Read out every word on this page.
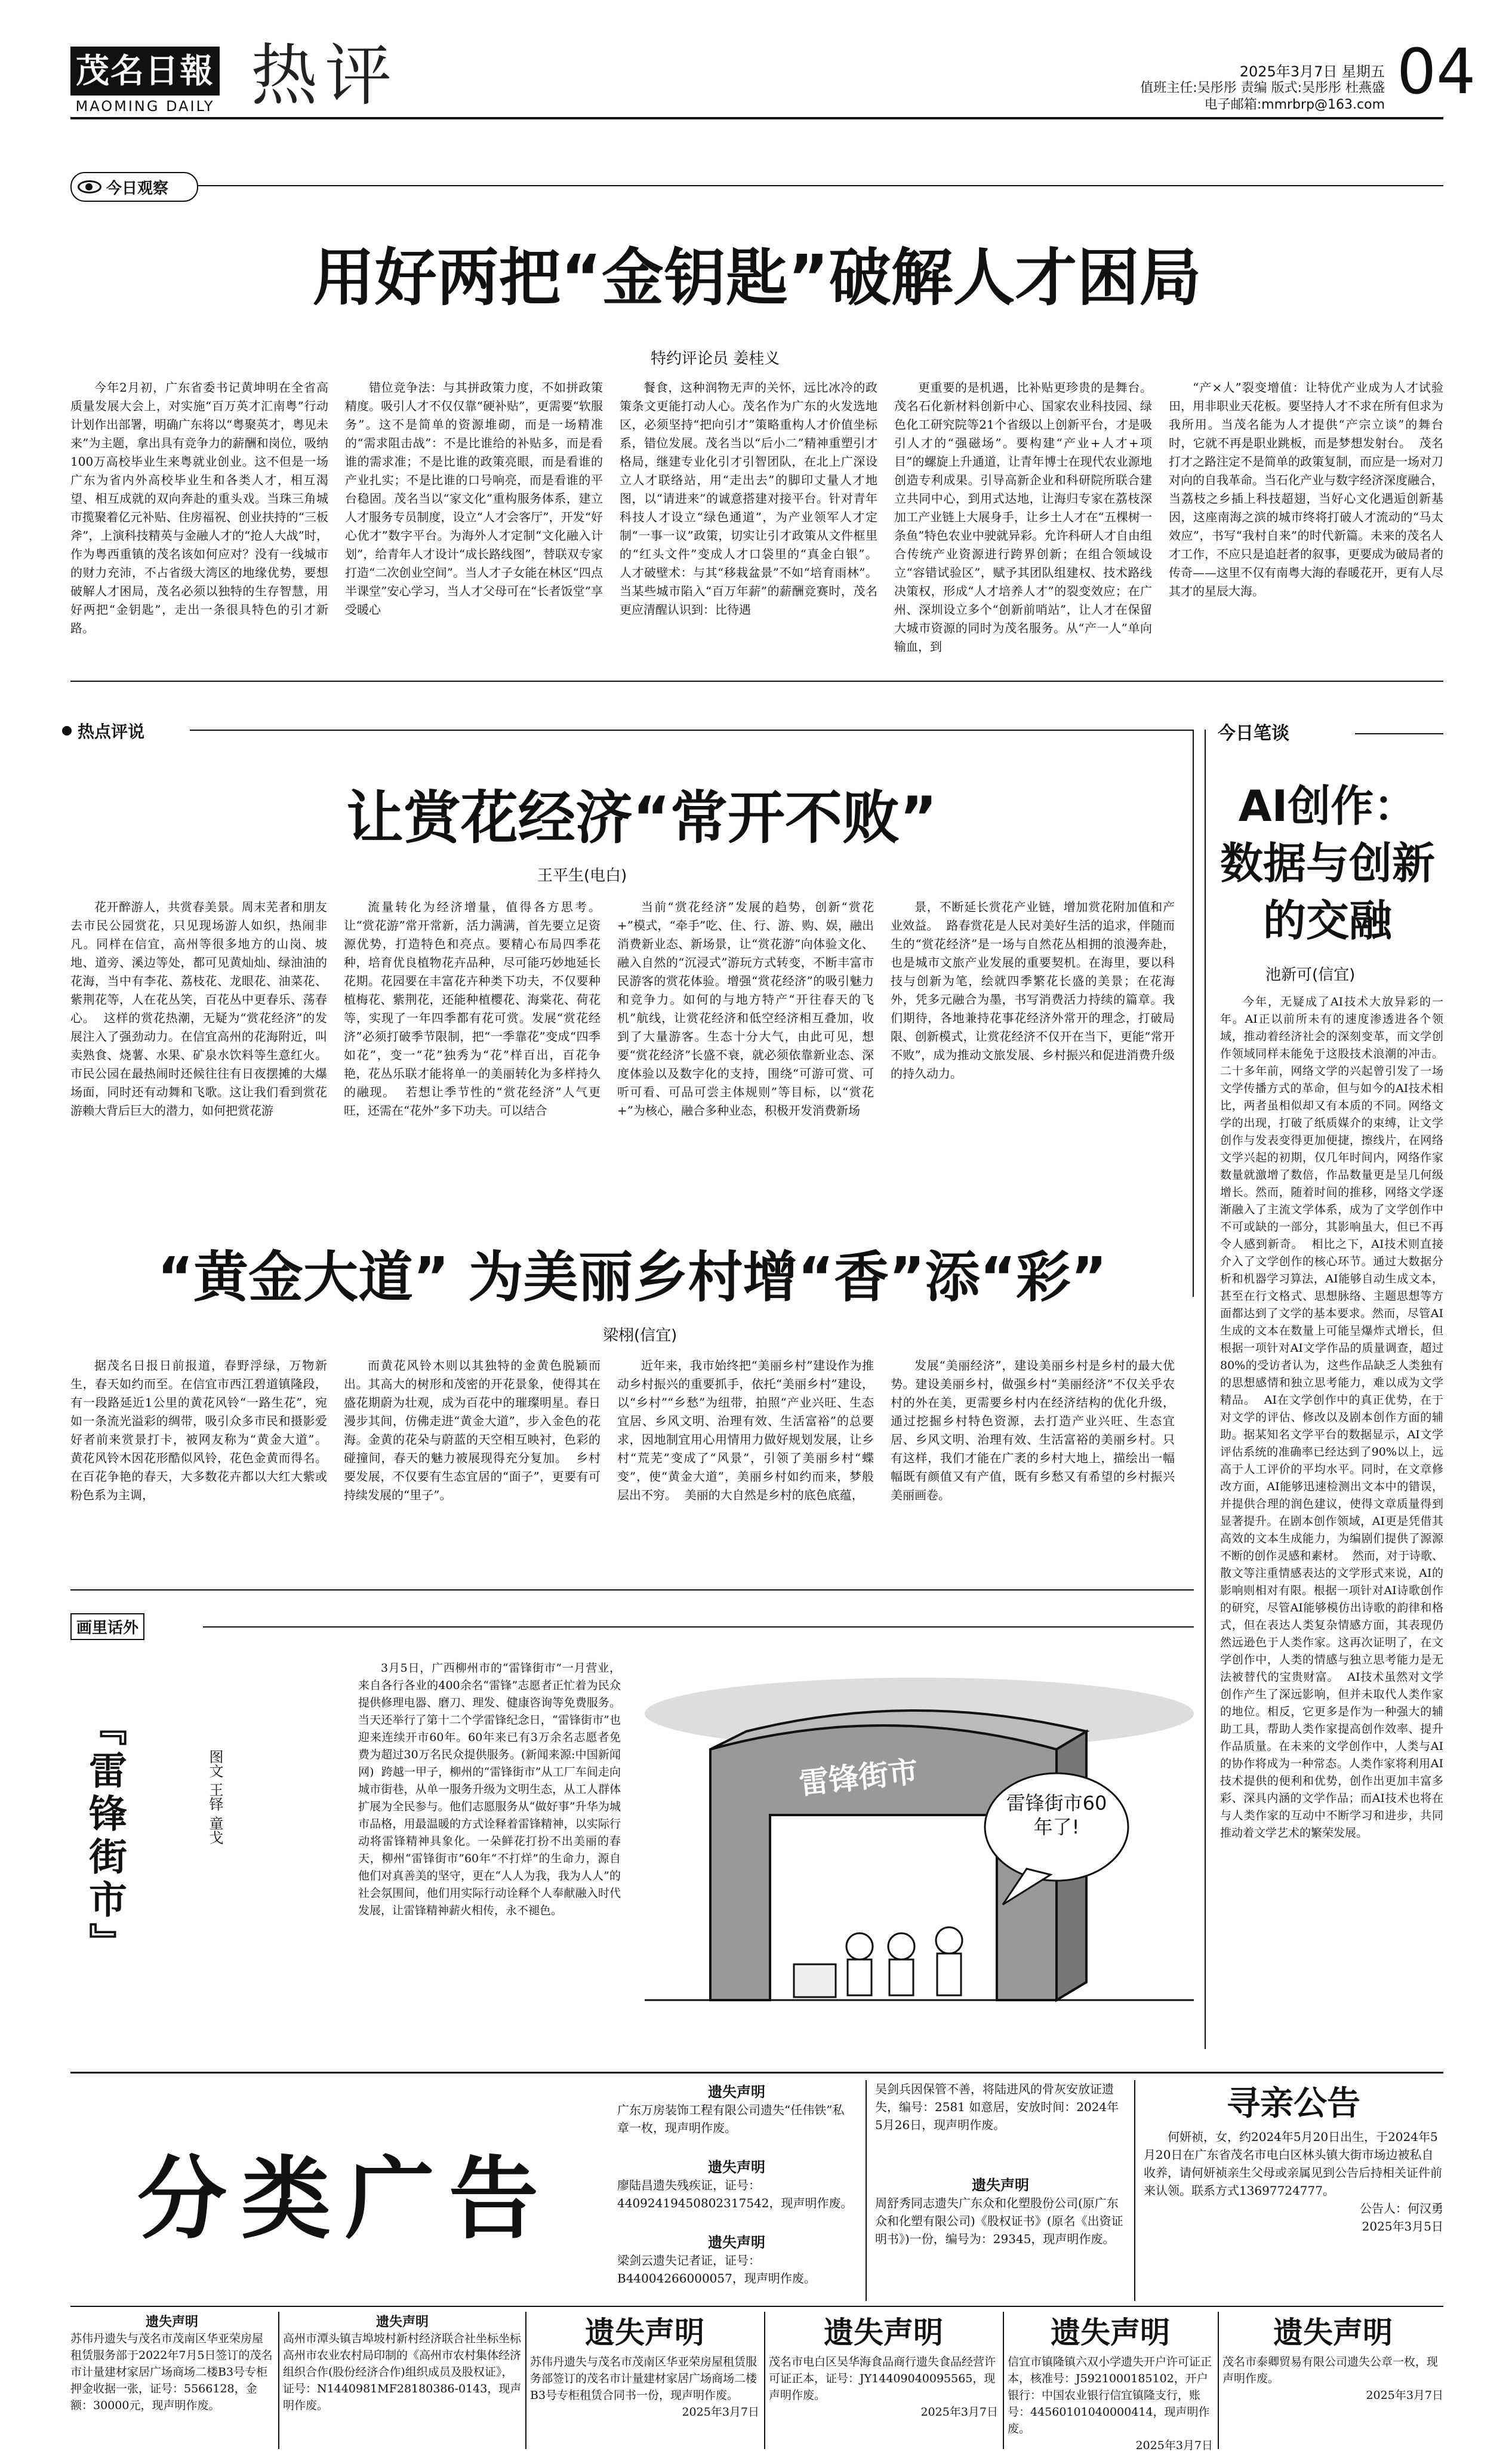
茂名日報
MAOMING DAILY 热评	2025年3月7日 星期五
值班主任:吴彤彤 责编 版式:吴彤彤 杜燕盛
电子邮箱:mmrbrp@163.com 04
今日观察
用好两把“金钥匙”破解人才困局
特约评论员 姜桂义
今年2月初，广东省委书记黄坤明在全省高质量发展大会上，对实施“百万英才汇南粤”行动计划作出部署，明确广东将以“粤聚英才，粤见未来”为主题，拿出具有竞争力的薪酬和岗位，吸纳100万高校毕业生来粤就业创业。这不但是一场广东为省内外高校毕业生和各类人才，相互渴望、相互成就的双向奔赴的重头戏。当珠三角城市揽聚着亿元补贴、住房福祝、创业扶持的“三板斧”，上演科技精英与金融人才的“抢人大战”时，作为粤西重镇的茂名该如何应对？没有一线城市的财力充沛，不占省级大湾区的地缘优势，要想破解人才困局，茂名必须以独特的生存智慧，用好两把“金钥匙”，走出一条很具特色的引才新路。
错位竞争法：与其拼政策力度，不如拼政策精度。吸引人才不仅仅靠“硬补贴”，更需要“软服务”。这不是简单的资源堆砌，而是一场精准的“需求阻击战”：不是比谁给的补贴多，而是看谁的需求准；不是比谁的政策亮眼，而是看谁的产业扎实；不是比谁的口号响亮，而是看谁的平台稳固。茂名当以“家文化”重构服务体系，建立人才服务专员制度，设立“人才会客厅”，开发“好心优才”数字平台。为海外人才定制“文化融入计划”，给青年人才设计“成长路线图”，替联双专家打造“二次创业空间”。当人才子女能在林区“四点半课堂”安心学习，当人才父母可在“长者饭堂”享受暖心
餐食，这种润物无声的关怀，远比冰冷的政策条文更能打动人心。茂名作为广东的火发选地区，必须坚持“把向引才”策略重构人才价值坐标系，错位发展。茂名当以“后小二”精神重塑引才格局，继建专业化引才引智团队，在北上广深设立人才联络站，用“走出去”的脚印丈量人才地图，以“请进来”的诚意搭建对接平台。针对青年科技人才设立“绿色通道”，为产业领军人才定制“一事一议”政策，切实让引才政策从文件框里的“红头文件”变成人才口袋里的“真金白银”。  人才破壁术：与其“移栽盆景”不如“培育雨林”。当某些城市陷入“百万年薪”的薪酬竞赛时，茂名更应清醒认识到：比待遇
更重要的是机遇，比补贴更珍贵的是舞台。茂名石化新材料创新中心、国家农业科技园、绿色化工研究院等21个省级以上创新平台，才是吸引人才的“强磁场”。要构建“产业+人才+项目”的螺旋上升通道，让青年博士在现代农业源地创造专利成果。引导高新企业和科研院所联合建立共同中心，到用式达地，让海归专家在荔枝深加工产业链上大展身手，让乡土人才在“五棵树一条鱼”特色农业中驶就异彩。允许科研人才自由组合传统产业资源进行跨界创新；在组合领域设立“容错试验区”，赋予其团队组建权、技术路线决策权，形成“人才培养人才”的裂变效应；在广州、深圳设立多个“创新前哨站”，让人才在保留大城市资源的同时为茂名服务。从“产一人”单向输血，到
“产×人”裂变增值：让特优产业成为人才试验田，用非职业天花板。要坚持人才不求在所有但求为我所用。当茂名能为人才提供“产宗立谈”的舞台时，它就不再是职业跳板，而是梦想发射台。  茂名打才之路注定不是简单的政策复制，而应是一场对刀对向的自我革命。当石化产业与数字经济深度融合，当荔枝之乡插上科技超翅，当好心文化遇逅创新基因，这座南海之滨的城市终将打破人才流动的“马太效应”，书写“我村自来”的时代新篇。未来的茂名人才工作，不应只是追赶者的叙事，更要成为破局者的传奇——这里不仅有南粤大海的春暖花开，更有人尽其才的星辰大海。
热点评说
让赏花经济“常开不败”
王平生(电白)
花开醉游人，共赏春美景。周末芜者和朋友去市民公园赏花，只见现场游人如织，热闹非凡。同样在信宜，高州等很多地方的山岗、坡地、道旁、溪边等处，都可见黄灿灿、绿油油的花海，当中有李花、荔枝花、龙眼花、油菜花、紫荆花等，人在花丛笑，百花丛中更春乐、荡春心。  这样的赏花热潮，无疑为“赏花经济”的发展注入了强劲动力。在信宜高州的花海附近，叫卖熟食、烧薯、水果、矿泉水饮料等生意红火。市民公园在最热闹时还候往往有日夜摆摊的大爆场面，同时还有动舞和飞歌。这让我们看到赏花游赖大背后巨大的潜力，如何把赏花游
流量转化为经济增量，值得各方思考。  让“赏花游”常开常新，活力满满，首先要立足资源优势，打造特色和亮点。要精心布局四季花种，培育优良植物花卉品种，尽可能巧妙地延长花期。花园要在丰富花卉种类下功夫，不仅要种植梅花、紫荆花，还能种植樱花、海棠花、荷花等，实现了一年四季都有花可赏。发展“赏花经济”必须打破季节限制，把“一季靠花”变成“四季如花”，变一“花”独秀为“花”样百出，百花争艳，花丛乐联才能将单一的美丽转化为多样持久的融现。  若想让季节性的“赏花经济”人气更旺，还需在“花外”多下功夫。可以结合
当前“赏花经济”发展的趋势，创新“赏花+”模式，“牵手”吃、住、行、游、购、娱，融出消费新业态、新场景，让“赏花游”向体验文化、融入自然的“沉浸式”游玩方式转变，不断丰富市民游客的赏花体验。增强“赏花经济”的吸引魅力和竞争力。如何的与地方特产“开往春天的飞机”航线，让赏花经济和低空经济相互叠加，收到了大量游客。生态十分大气，由此可见，想要“赏花经济”长盛不衰，就必须依靠新业态、深度体验以及数字化的支持，围绕“可游可赏、可听可看、可品可尝主体规则”等目标，以“赏花+”为核心，融合多种业态，积极开发消费新场
景，不断延长赏花产业链，增加赏花附加值和产业效益。  路春赏花是人民对美好生活的追求，伴随而生的“赏花经济”是一场与自然花丛相拥的浪漫奔赴，也是城市文旅产业发展的重要契机。在海里，要以科技与创新为笔，绘就四季繁花长盛的美景；在花海外，凭多元融合为墨，书写消费活力持续的篇章。我们期待，各地兼持花事花经济外常开的理念，打破局限、创新模式，让赏花经济不仅开在当下，更能“常开不败”，成为推动文旅发展、乡村振兴和促进消费升级的持久动力。
“黄金大道” 为美丽乡村增“香”添“彩”
梁栩(信宜)
据茂名日报日前报道，春野浮绿，万物新生，春天如约而至。在信宜市西江碧道镇隆段，有一段路延近1公里的黄花风铃“一路生花”，宛如一条流光溢彩的绸带，吸引众多市民和摄影爱好者前来赏景打卡，被网友称为“黄金大道”。  黄花风铃木因花形酷似风铃，花色金黄而得名。在百花争艳的春天，大多数花卉都以大红大紫或粉色系为主调，
而黄花风铃木则以其独特的金黄色脱颖而出。其高大的树形和茂密的开花景象，使得其在盛花期蔚为壮观，成为百花中的璀璨明星。春日漫步其间，仿佛走进“黄金大道”，步入金色的花海。金黄的花朵与蔚蓝的天空相互映衬，色彩的碰撞间，春天的魅力被展现得充分复加。  乡村要发展，不仅要有生态宜居的“面子”，更要有可持续发展的“里子”。
近年来，我市始终把“美丽乡村”建设作为推动乡村振兴的重要抓手，依托“美丽乡村”建设，以“乡村”“乡愁”为纽带，拍照“产业兴旺、生态宜居、乡风文明、治理有效、生活富裕”的总要求，因地制宜用心用情用力做好规划发展，让乡村“荒芜”变成了“风景”，引领了美丽乡村“蝶变”，使“黄金大道”，美丽乡村如约而来，梦般层出不穷。  美丽的大自然是乡村的底色底蕴，
发展“美丽经济”，建设美丽乡村是乡村的最大优势。建设美丽乡村，做强乡村“美丽经济”不仅关乎农村的外在美，更需要乡村内在经济结构的优化升级，通过挖掘乡村特色资源，去打造产业兴旺、生态宜居、乡风文明、治理有效、生活富裕的美丽乡村。只有这样，我们才能在广袤的乡村大地上，描绘出一幅幅既有颜值又有产值，既有乡愁又有希望的乡村振兴美丽画卷。
今日笔谈
AI创作：
数据与创新
的交融
池新可(信宜)
今年，无疑成了AI技术大放异彩的一年。AI正以前所未有的速度渗透进各个领域，推动着经济社会的深刻变革，而文学创作领域同样未能免于这股技术浪潮的冲击。  二十多年前，网络文学的兴起曾引发了一场文学传播方式的革命，但与如今的AI技术相比，两者虽相似却又有本质的不同。网络文学的出现，打破了纸质媒介的束缚，让文学创作与发表变得更加便捷，擦线片，在网络文学兴起的初期，仅几年时间内，网络作家数量就激增了数倍，作品数量更是呈几何级增长。然而，随着时间的推移，网络文学逐渐融入了主流文学体系，成为了文学创作中不可或缺的一部分，其影响虽大，但已不再令人感到新奇。  相比之下，AI技术则直接介入了文学创作的核心环节。通过大数据分析和机器学习算法，AI能够自动生成文本，甚至在行文格式、思想脉络、主题思想等方面都达到了文学的基本要求。然而，尽管AI生成的文本在数量上可能呈爆炸式增长，但根据一项针对AI文学作品的质量调查，超过80%的受访者认为，这些作品缺乏人类独有的思想感情和独立思考能力，难以成为文学精品。  AI在文学创作中的真正优势，在于对文学的评估、修改以及剧本创作方面的辅助。据某知名文学平台的数据显示，AI文学评估系统的准确率已经达到了90%以上，远高于人工评价的平均水平。同时，在文章修改方面，AI能够迅速检测出文本中的错误，并提供合理的润色建议，使得文章质量得到显著提升。在剧本创作领域，AI更是凭借其高效的文本生成能力，为编剧们提供了源源不断的创作灵感和素材。  然而，对于诗歌、散文等注重情感表达的文学形式来说，AI的影响则相对有限。根据一项针对AI诗歌创作的研究，尽管AI能够模仿出诗歌的韵律和格式，但在表达人类复杂情感方面，其表现仍然远逊色于人类作家。这再次证明了，在文学创作中，人类的情感与独立思考能力是无法被替代的宝贵财富。  AI技术虽然对文学创作产生了深远影响，但并未取代人类作家的地位。相反，它更多是作为一种强大的辅助工具，帮助人类作家提高创作效率、提升作品质量。在未来的文学创作中，人类与AI的协作将成为一种常态。人类作家将利用AI技术提供的便利和优势，创作出更加丰富多彩、深具内涵的文学作品；而AI技术也将在与人类作家的互动中不断学习和进步，共同推动着文学艺术的繁荣发展。
画里话外
『雷锋街市』	图文 王铎 童戈
3月5日，广西柳州市的“雷锋街市”一月营业，来自各行各业的400余名“雷锋”志愿者正忙着为民众提供修理电器、磨刀、理发、健康咨询等免费服务。当天还举行了第十二个学雷锋纪念日，“雷锋街市”也迎来连续开市60年。60年来已有3万余名志愿者免费为超过30万名民众提供服务。(新闻来源:中国新闻网)  跨越一甲子，柳州的“雷锋街市”从工厂车间走向城市街巷，从单一服务升级为文明生态，从工人群体扩展为全民参与。他们志愿服务从“做好事”升华为城市品格，用最温暖的方式诠释着雷锋精神，以实际行动将雷锋精神具象化。一朵鲜花打扮不出美丽的春天，柳州“雷锋街市”60年“不打烊”的生命力，源自他们对真善美的坚守，更在“人人为我，我为人人”的社会氛围间，他们用实际行动诠释个人奉献融入时代发展，让雷锋精神薪火相传，永不褪色。
雷锋街市
雷锋街市60年了!
分类广告
遗失声明
广东万房装饰工程有限公司遗失“任伟铁”私章一枚，现声明作废。
遗失声明
廖陆昌遗失残疾证，证号：44092419450802317542，现声明作废。
遗失声明
梁剑云遗失记者证，证号：B44004266000057，现声明作废。
吴剑兵因保管不善，将陆进风的骨灰安放证遗失，编号：2581 如意居，安放时间：2024年5月26日，现声明作废。
遗失声明
周舒秀同志遗失广东众和化塑股份公司(原广东众和化塑有限公司)《股权证书》(原名《出资证明书》)一份，编号为：29345，现声明作废。
寻亲公告
何妍祯，女，约2024年5月20日出生，于2024年5月20日在广东省茂名市电白区林头镇大街市场边被私自收养，请何妍祯亲生父母或亲属见到公告后持相关证件前来认领。联系方式13697724777。
公告人：何汉勇
2025年3月5日
遗失声明
苏伟丹遗失与茂名市茂南区华亚荣房屋租赁服务部于2022年7月5日签订的茂名市计量建材家居广场商场二楼B3号专柜押金收据一张，证号：5566128，金额：30000元，现声明作废。
遗失声明
高州市潭头镇吉埠坡村新村经济联合社坐标坐标高州市农业农村局印制的《高州市农村集体经济组织合作(股份经济合作)组织成员及股权证》，证号：N1440981MF28180386-0143，现声明作废。
遗失声明
苏伟丹遗失与茂名市茂南区华亚荣房屋租赁服务部签订的茂名市计量建材家居广场商场二楼B3号专柜租赁合同书一份，现声明作废。
2025年3月7日
遗失声明
茂名市电白区吴华海食品商行遗失食品经营许可证正本，证号：JY14409040095565，现声明作废。
2025年3月7日
遗失声明
信宜市镇隆镇六双小学遗失开户许可证正本，核准号：J5921000185102，开户银行：中国农业银行信宜镇隆支行，账号：44560101040000414，现声明作废。
2025年3月7日
遗失声明
茂名市泰卿贸易有限公司遗失公章一枚，现声明作废。
2025年3月7日
